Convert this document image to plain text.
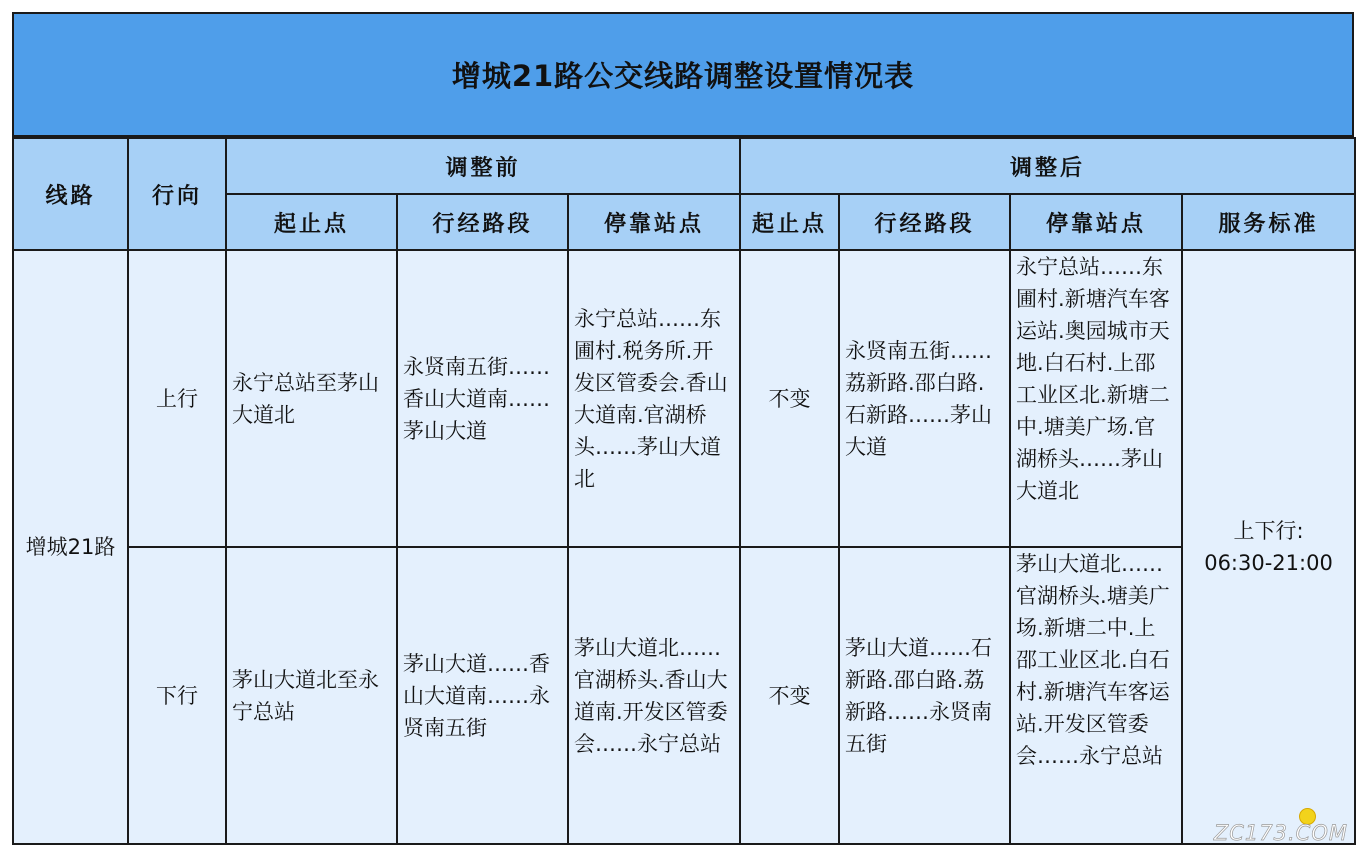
增城21路公交线路调整设置情况表
线路	行向	调整前			调整后			
		起止点	行经路段	停靠站点	起止点	行经路段	停靠站点	服务标准
增城21路	上行	永宁总站至茅山大道北	永贤南五街……香山大道南……茅山大道	永宁总站……东圃村.税务所.开发区管委会.香山大道南.官湖桥头……茅山大道北	不变	永贤南五街……荔新路.邵白路.石新路……茅山大道	永宁总站……东圃村.新塘汽车客运站.奥园城市天地.白石村.上邵工业区北.新塘二中.塘美广场.官湖桥头……茅山大道北	上下行:
06:30-21:00

	下行	茅山大道北至永宁总站	茅山大道……香山大道南……永贤南五街	茅山大道北……官湖桥头.香山大道南.开发区管委会……永宁总站	不变	茅山大道……石新路.邵白路.荔新路……永贤南五街	茅山大道北……官湖桥头.塘美广场.新塘二中.上邵工业区北.白石村.新塘汽车客运站.开发区管委会……永宁总站	
ZC173.COM
